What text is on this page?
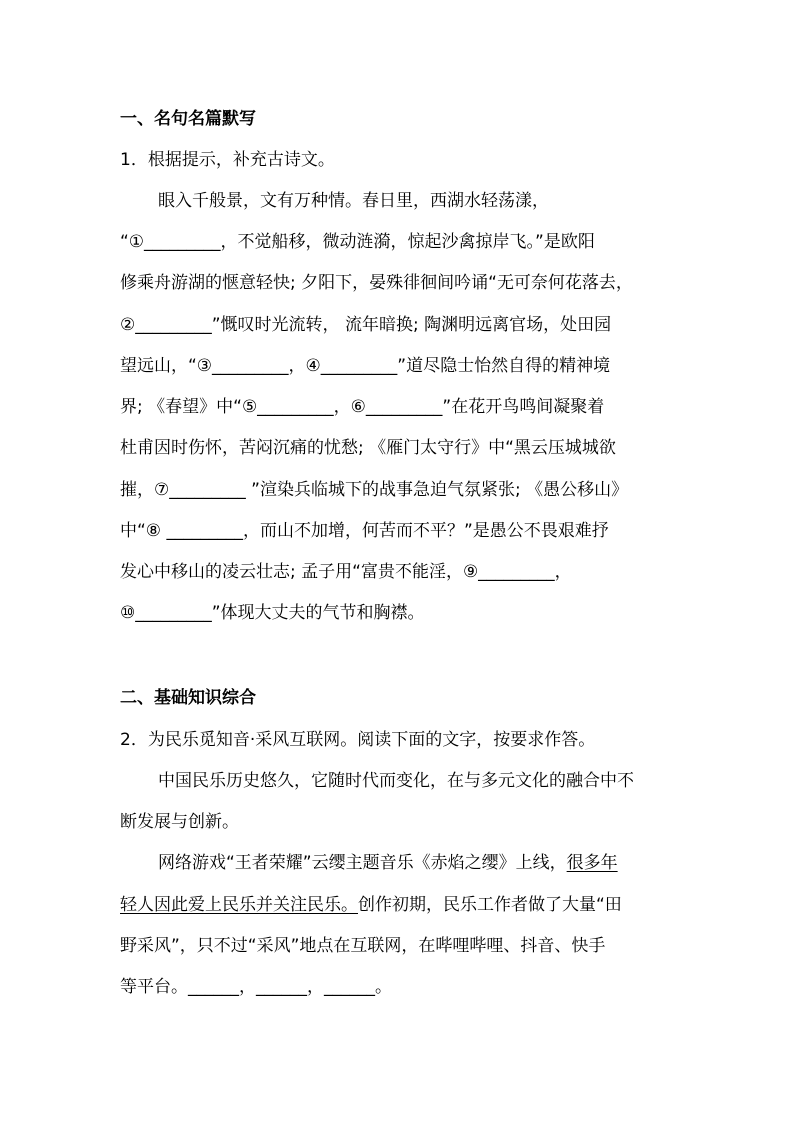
一、名句名篇默写
1．根据提示，补充古诗文。
眼入千般景，文有万种情。春日里，西湖水轻荡漾，
“①_________，不觉船移，微动涟漪，惊起沙禽掠岸飞。”是欧阳
修乘舟游湖的惬意轻快; 夕阳下，晏殊徘徊间吟诵“无可奈何花落去，
②_________”慨叹时光流转， 流年暗换; 陶渊明远离官场，处田园
望远山，“③_________，④_________”道尽隐士怡然自得的精神境
界; 《春望》中“⑤_________，⑥_________”在花开鸟鸣间凝聚着
杜甫因时伤怀，苦闷沉痛的忧愁; 《雁门太守行》中“黑云压城城欲
摧，⑦_________ ”渲染兵临城下的战事急迫气氛紧张; 《愚公移山》
中“⑧ _________，而山不加增，何苦而不平？”是愚公不畏艰难抒
发心中移山的凌云壮志; 孟子用“富贵不能淫，⑨_________，
⑩_________”体现大丈夫的气节和胸襟。
二、基础知识综合
2．为民乐觅知音·采风互联网。阅读下面的文字，按要求作答。
中国民乐历史悠久，它随时代而变化，在与多元文化的融合中不
断发展与创新。
网络游戏“王者荣耀”云缨主题音乐《赤焰之缨》上线，很多年
轻人因此爱上民乐并关注民乐。创作初期，民乐工作者做了大量“田
野采风”，只不过“采风”地点在互联网，在哔哩哔哩、抖音、快手
等平台。______，______，______。
